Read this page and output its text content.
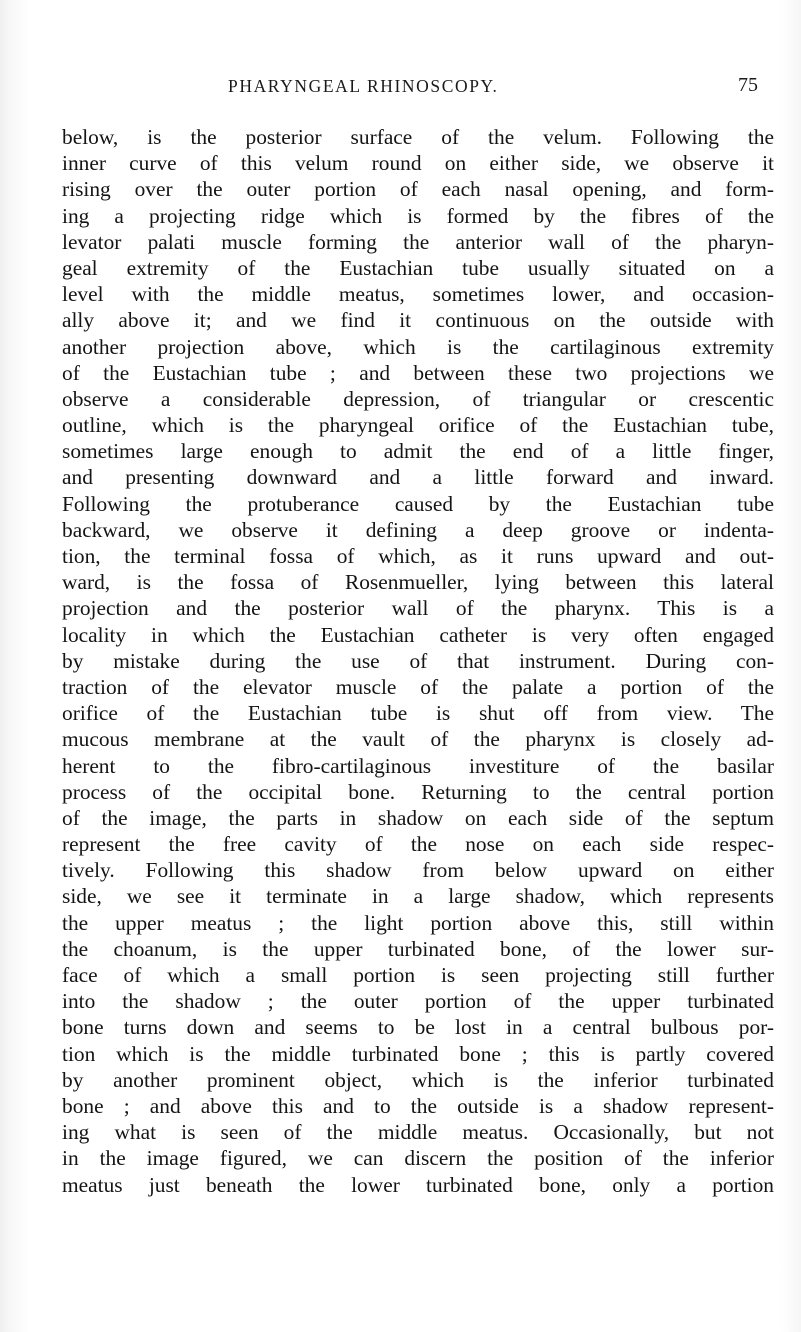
PHARYNGEAL RHINOSCOPY.	75
below, is the posterior surface of the velum. Following the
inner curve of this velum round on either side, we observe it
rising over the outer portion of each nasal opening, and form-
ing a projecting ridge which is formed by the fibres of the
levator palati muscle forming the anterior wall of the pharyn-
geal extremity of the Eustachian tube usually situated on a
level with the middle meatus, sometimes lower, and occasion-
ally above it; and we find it continuous on the outside with
another projection above, which is the cartilaginous extremity
of the Eustachian tube ; and between these two projections we
observe a considerable depression, of triangular or crescentic
outline, which is the pharyngeal orifice of the Eustachian tube,
sometimes large enough to admit the end of a little finger,
and presenting downward and a little forward and inward.
Following the protuberance caused by the Eustachian tube
backward, we observe it defining a deep groove or indenta-
tion, the terminal fossa of which, as it runs upward and out-
ward, is the fossa of Rosenmueller, lying between this lateral
projection and the posterior wall of the pharynx. This is a
locality in which the Eustachian catheter is very often engaged
by mistake during the use of that instrument. During con-
traction of the elevator muscle of the palate a portion of the
orifice of the Eustachian tube is shut off from view. The
mucous membrane at the vault of the pharynx is closely ad-
herent to the fibro-cartilaginous investiture of the basilar
process of the occipital bone. Returning to the central portion
of the image, the parts in shadow on each side of the septum
represent the free cavity of the nose on each side respec-
tively. Following this shadow from below upward on either
side, we see it terminate in a large shadow, which represents
the upper meatus ; the light portion above this, still within
the choanum, is the upper turbinated bone, of the lower sur-
face of which a small portion is seen projecting still further
into the shadow ; the outer portion of the upper turbinated
bone turns down and seems to be lost in a central bulbous por-
tion which is the middle turbinated bone ; this is partly covered
by another prominent object, which is the inferior turbinated
bone ; and above this and to the outside is a shadow represent-
ing what is seen of the middle meatus. Occasionally, but not
in the image figured, we can discern the position of the inferior
meatus just beneath the lower turbinated bone, only a portion
